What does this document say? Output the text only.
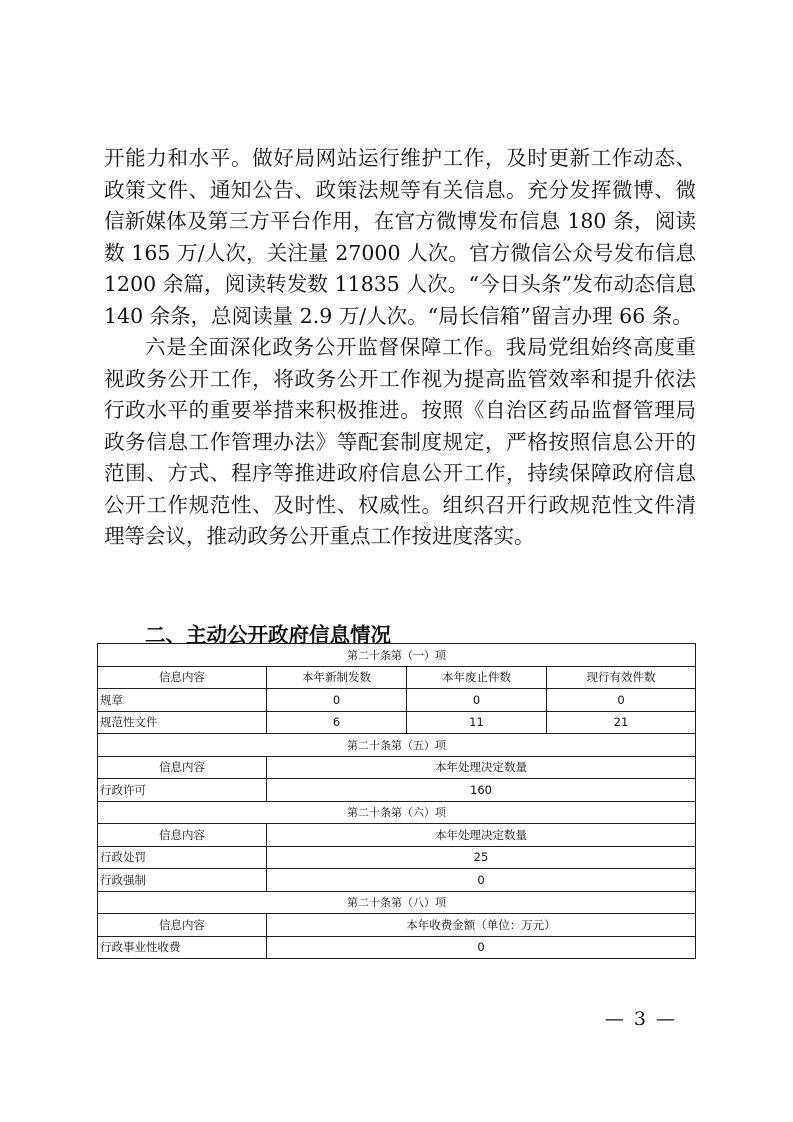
开能力和水平。做好局网站运行维护工作，及时更新工作动态、政策文件、通知公告、政策法规等有关信息。充分发挥微博、微信新媒体及第三方平台作用，在官方微博发布信息 180 条，阅读数 165 万/人次，关注量 27000 人次。官方微信公众号发布信息 1200 余篇，阅读转发数 11835 人次。“今日头条”发布动态信息 140 余条，总阅读量 2.9 万/人次。“局长信箱”留言办理 66 条。

六是全面深化政务公开监督保障工作。我局党组始终高度重视政务公开工作，将政务公开工作视为提高监管效率和提升依法行政水平的重要举措来积极推进。按照《自治区药品监督管理局政务信息工作管理办法》等配套制度规定，严格按照信息公开的范围、方式、程序等推进政府信息公开工作，持续保障政府信息公开工作规范性、及时性、权威性。组织召开行政规范性文件清理等会议，推动政务公开重点工作按进度落实。

二、主动公开政府信息情况
第二十条第（一）项			
信息内容	本年新制发数	本年废止件数	现行有效件数
规章	0	0	0
规范性文件	6	11	21
第二十条第（五）项			
信息内容	本年处理决定数量		
行政许可	160		
第二十条第（六）项			
信息内容	本年处理决定数量		
行政处罚	25		
行政强制	0		
第二十条第（八）项			
信息内容	本年收费金额（单位：万元）		
行政事业性收费	0		
— 3 —
